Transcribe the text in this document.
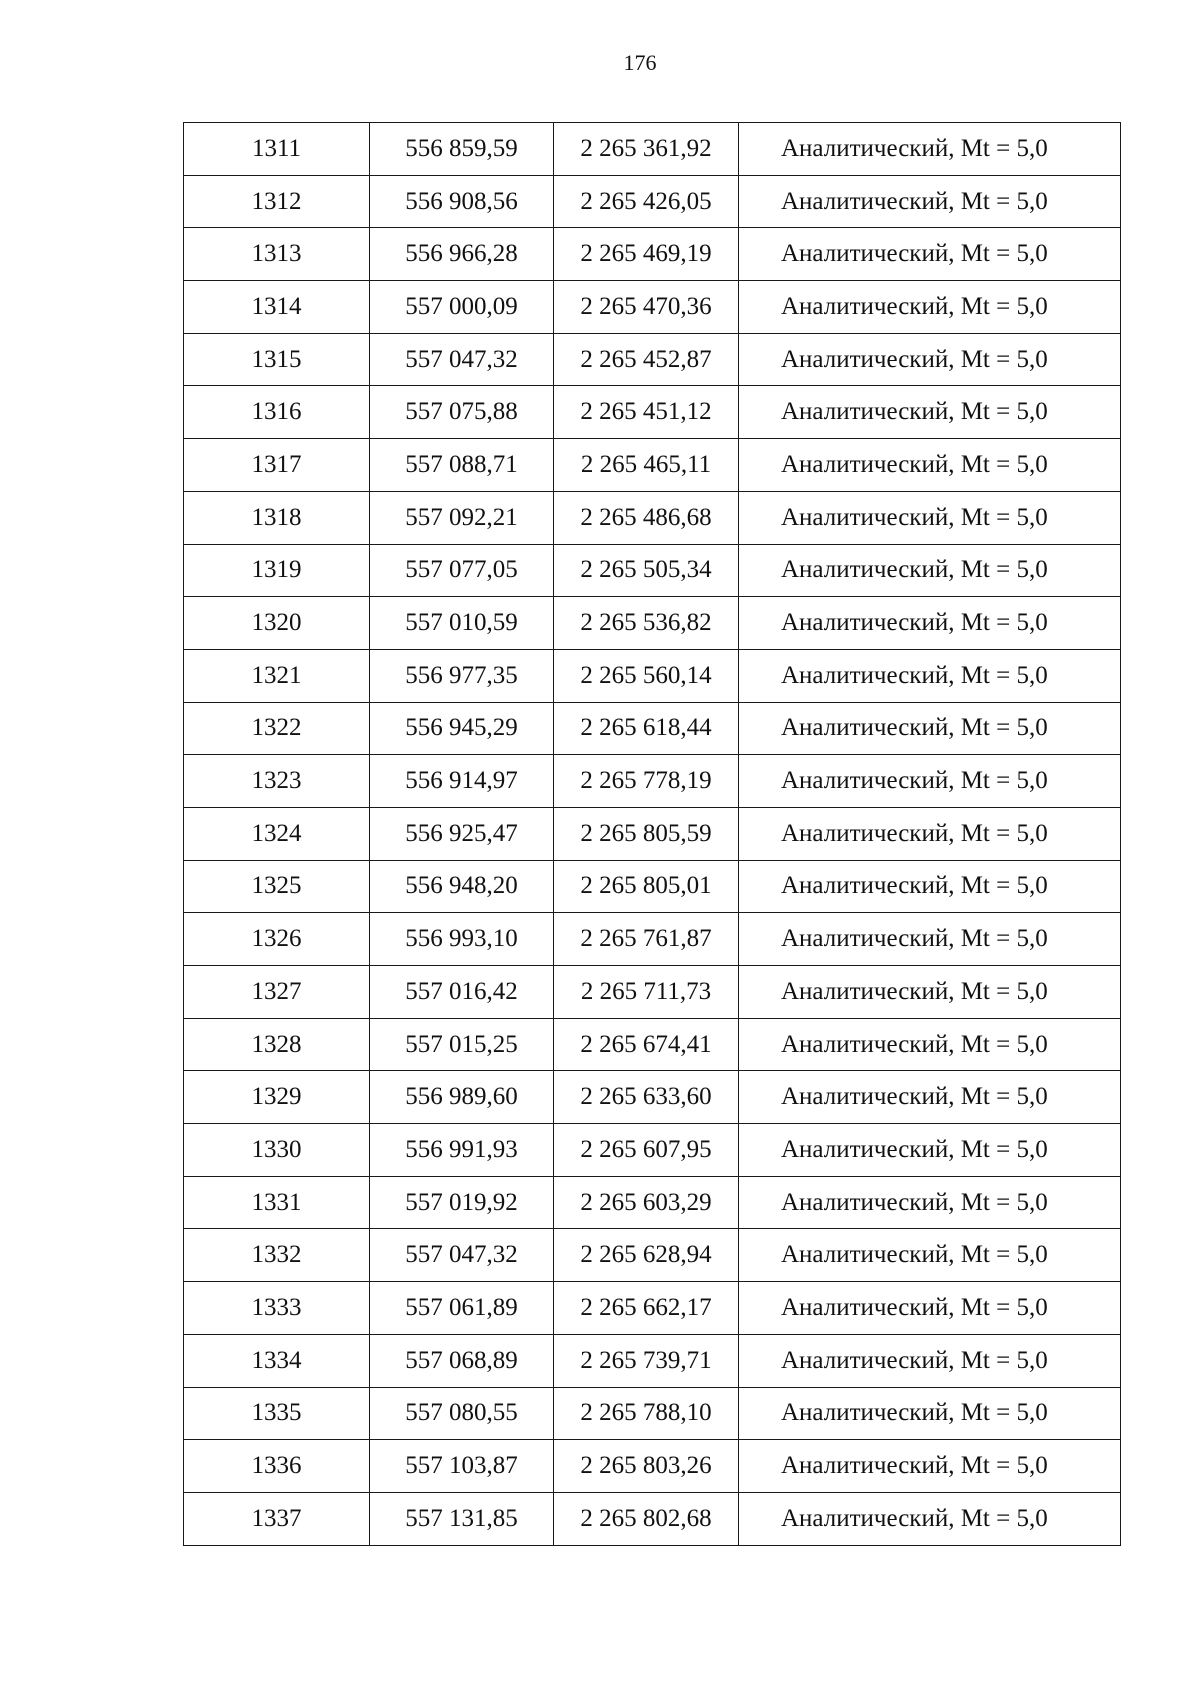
176
1311	556 859,59	2 265 361,92	Аналитический, Mt = 5,0
1312	556 908,56	2 265 426,05	Аналитический, Mt = 5,0
1313	556 966,28	2 265 469,19	Аналитический, Mt = 5,0
1314	557 000,09	2 265 470,36	Аналитический, Mt = 5,0
1315	557 047,32	2 265 452,87	Аналитический, Mt = 5,0
1316	557 075,88	2 265 451,12	Аналитический, Mt = 5,0
1317	557 088,71	2 265 465,11	Аналитический, Mt = 5,0
1318	557 092,21	2 265 486,68	Аналитический, Mt = 5,0
1319	557 077,05	2 265 505,34	Аналитический, Mt = 5,0
1320	557 010,59	2 265 536,82	Аналитический, Mt = 5,0
1321	556 977,35	2 265 560,14	Аналитический, Mt = 5,0
1322	556 945,29	2 265 618,44	Аналитический, Mt = 5,0
1323	556 914,97	2 265 778,19	Аналитический, Mt = 5,0
1324	556 925,47	2 265 805,59	Аналитический, Mt = 5,0
1325	556 948,20	2 265 805,01	Аналитический, Mt = 5,0
1326	556 993,10	2 265 761,87	Аналитический, Mt = 5,0
1327	557 016,42	2 265 711,73	Аналитический, Mt = 5,0
1328	557 015,25	2 265 674,41	Аналитический, Mt = 5,0
1329	556 989,60	2 265 633,60	Аналитический, Mt = 5,0
1330	556 991,93	2 265 607,95	Аналитический, Mt = 5,0
1331	557 019,92	2 265 603,29	Аналитический, Mt = 5,0
1332	557 047,32	2 265 628,94	Аналитический, Mt = 5,0
1333	557 061,89	2 265 662,17	Аналитический, Mt = 5,0
1334	557 068,89	2 265 739,71	Аналитический, Mt = 5,0
1335	557 080,55	2 265 788,10	Аналитический, Mt = 5,0
1336	557 103,87	2 265 803,26	Аналитический, Mt = 5,0
1337	557 131,85	2 265 802,68	Аналитический, Mt = 5,0
